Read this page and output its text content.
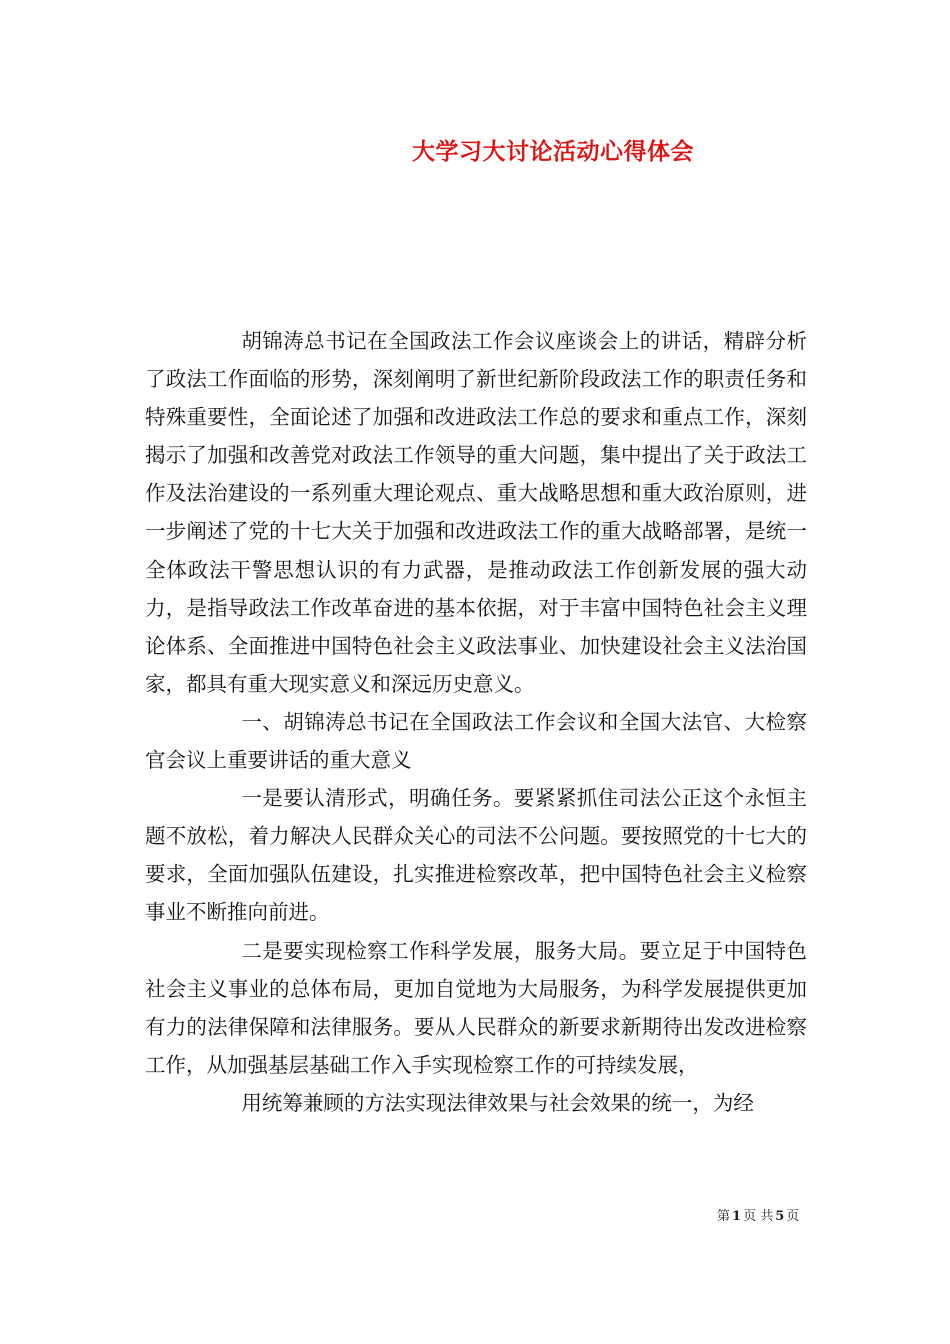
大学习大讨论活动心得体会

胡锦涛总书记在全国政法工作会议座谈会上的讲话，精辟分析了政法工作面临的形势，深刻阐明了新世纪新阶段政法工作的职责任务和特殊重要性，全面论述了加强和改进政法工作总的要求和重点工作，深刻揭示了加强和改善党对政法工作领导的重大问题，集中提出了关于政法工作及法治建设的一系列重大理论观点、重大战略思想和重大政治原则，进一步阐述了党的十七大关于加强和改进政法工作的重大战略部署，是统一全体政法干警思想认识的有力武器，是推动政法工作创新发展的强大动力，是指导政法工作改革奋进的基本依据，对于丰富中国特色社会主义理论体系、全面推进中国特色社会主义政法事业、加快建设社会主义法治国家，都具有重大现实意义和深远历史意义。

一、胡锦涛总书记在全国政法工作会议和全国大法官、大检察官会议上重要讲话的重大意义

一是要认清形式，明确任务。要紧紧抓住司法公正这个永恒主题不放松，着力解决人民群众关心的司法不公问题。要按照党的十七大的要求，全面加强队伍建设，扎实推进检察改革，把中国特色社会主义检察事业不断推向前进。

二是要实现检察工作科学发展，服务大局。要立足于中国特色社会主义事业的总体布局，更加自觉地为大局服务，为科学发展提供更加有力的法律保障和法律服务。要从人民群众的新要求新期待出发改进检察工作，从加强基层基础工作入手实现检察工作的可持续发展，

用统筹兼顾的方法实现法律效果与社会效果的统一，为经

第 1 页 共 5 页
